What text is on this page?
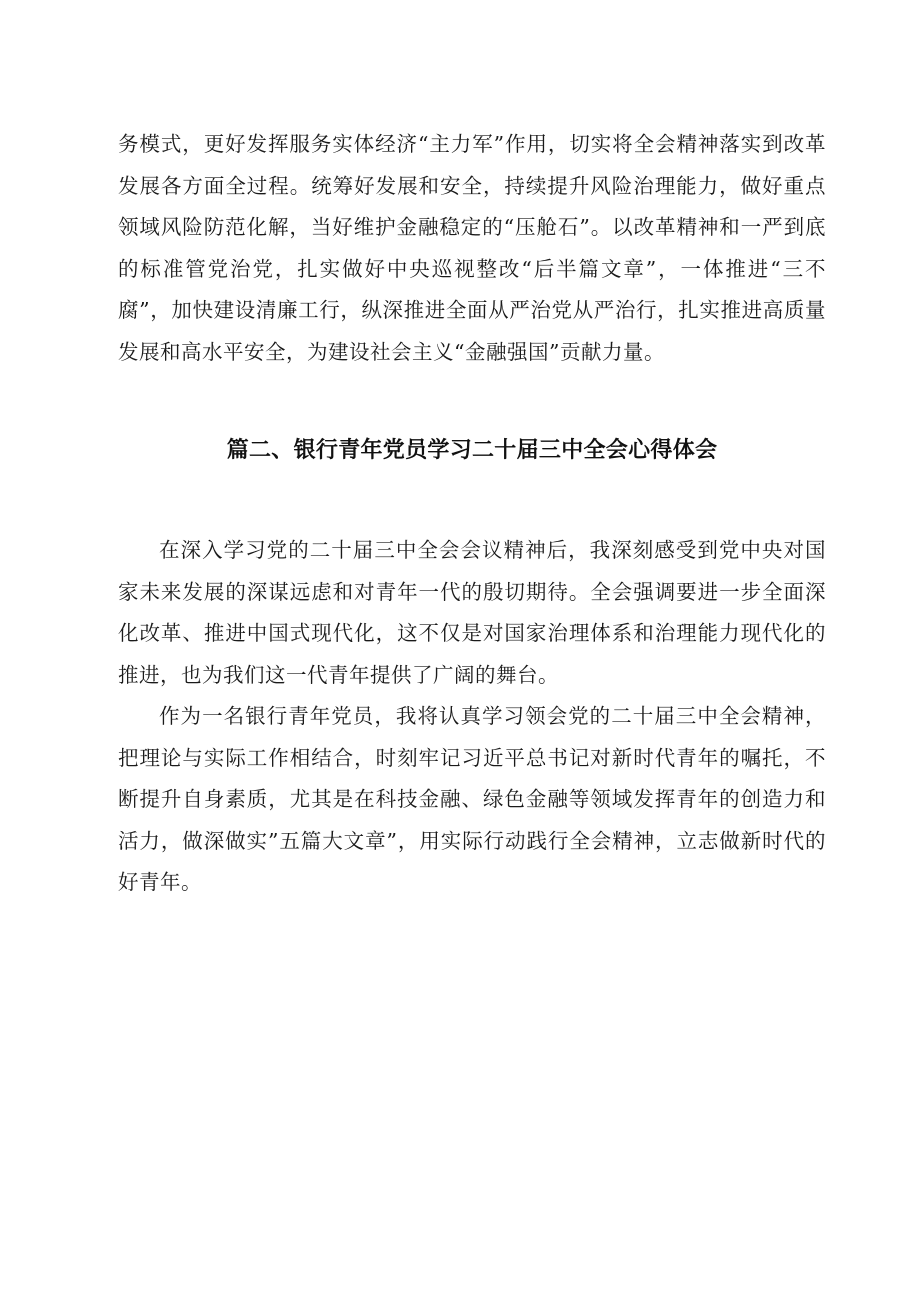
务模式，更好发挥服务实体经济“主力军”作用，切实将全会精神落实到改革发展各方面全过程。统筹好发展和安全，持续提升风险治理能力，做好重点领域风险防范化解，当好维护金融稳定的“压舱石”。以改革精神和一严到底的标准管党治党，扎实做好中央巡视整改“后半篇文章”，一体推进“三不腐”，加快建设清廉工行，纵深推进全面从严治党从严治行，扎实推进高质量发展和高水平安全，为建设社会主义“金融强国”贡献力量。

篇二、银行青年党员学习二十届三中全会心得体会

在深入学习党的二十届三中全会会议精神后，我深刻感受到党中央对国家未来发展的深谋远虑和对青年一代的殷切期待。全会强调要进一步全面深化改革、推进中国式现代化，这不仅是对国家治理体系和治理能力现代化的推进，也为我们这一代青年提供了广阔的舞台。

作为一名银行青年党员，我将认真学习领会党的二十届三中全会精神，把理论与实际工作相结合，时刻牢记习近平总书记对新时代青年的嘱托，不断提升自身素质，尤其是在科技金融、绿色金融等领域发挥青年的创造力和活力，做深做实”五篇大文章”，用实际行动践行全会精神，立志做新时代的好青年。
